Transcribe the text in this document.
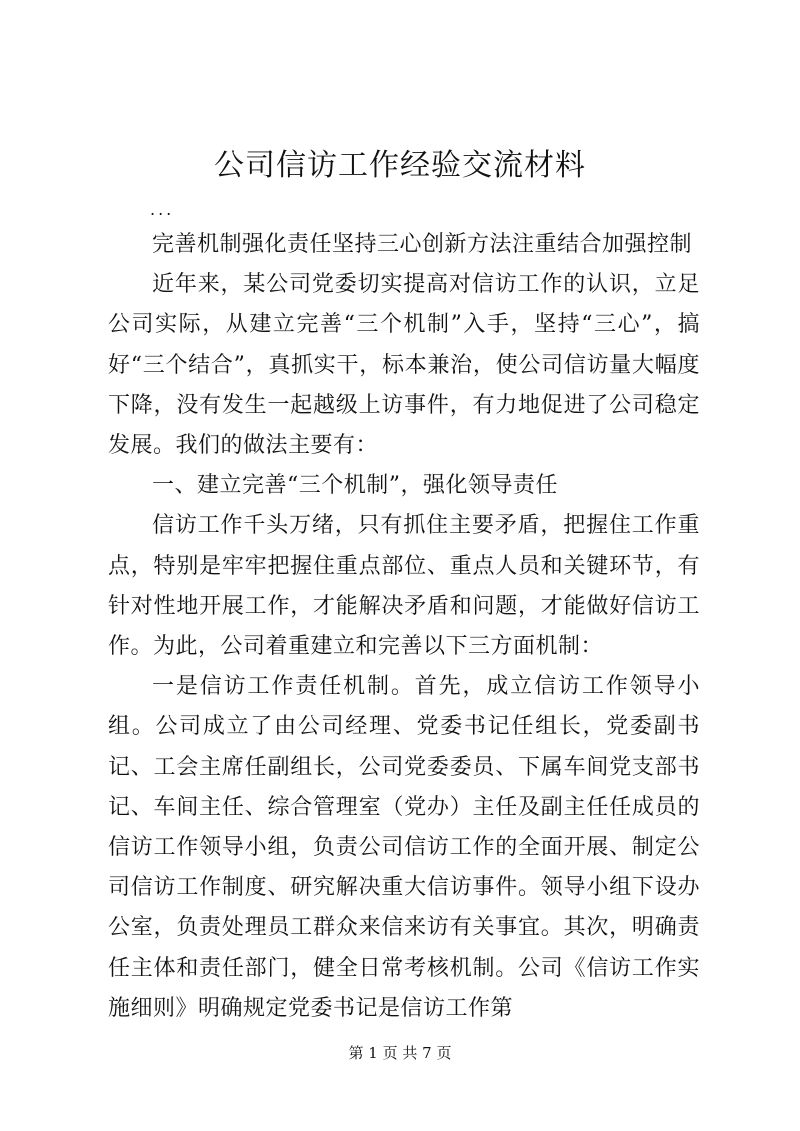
公司信访工作经验交流材料
...

完善机制强化责任坚持三心创新方法注重结合加强控制

近年来，某公司党委切实提高对信访工作的认识，立足公司实际，从建立完善“三个机制”入手，坚持“三心”，搞好“三个结合”，真抓实干，标本兼治，使公司信访量大幅度下降，没有发生一起越级上访事件，有力地促进了公司稳定发展。我们的做法主要有：

一、建立完善“三个机制”，强化领导责任

信访工作千头万绪，只有抓住主要矛盾，把握住工作重点，特别是牢牢把握住重点部位、重点人员和关键环节，有针对性地开展工作，才能解决矛盾和问题，才能做好信访工作。为此，公司着重建立和完善以下三方面机制：

一是信访工作责任机制。首先，成立信访工作领导小组。公司成立了由公司经理、党委书记任组长，党委副书记、工会主席任副组长，公司党委委员、下属车间党支部书记、车间主任、综合管理室（党办）主任及副主任任成员的信访工作领导小组，负责公司信访工作的全面开展、制定公司信访工作制度、研究解决重大信访事件。领导小组下设办公室，负责处理员工群众来信来访有关事宜。其次，明确责任主体和责任部门，健全日常考核机制。公司《信访工作实施细则》明确规定党委书记是信访工作第

第 1 页 共 7 页
